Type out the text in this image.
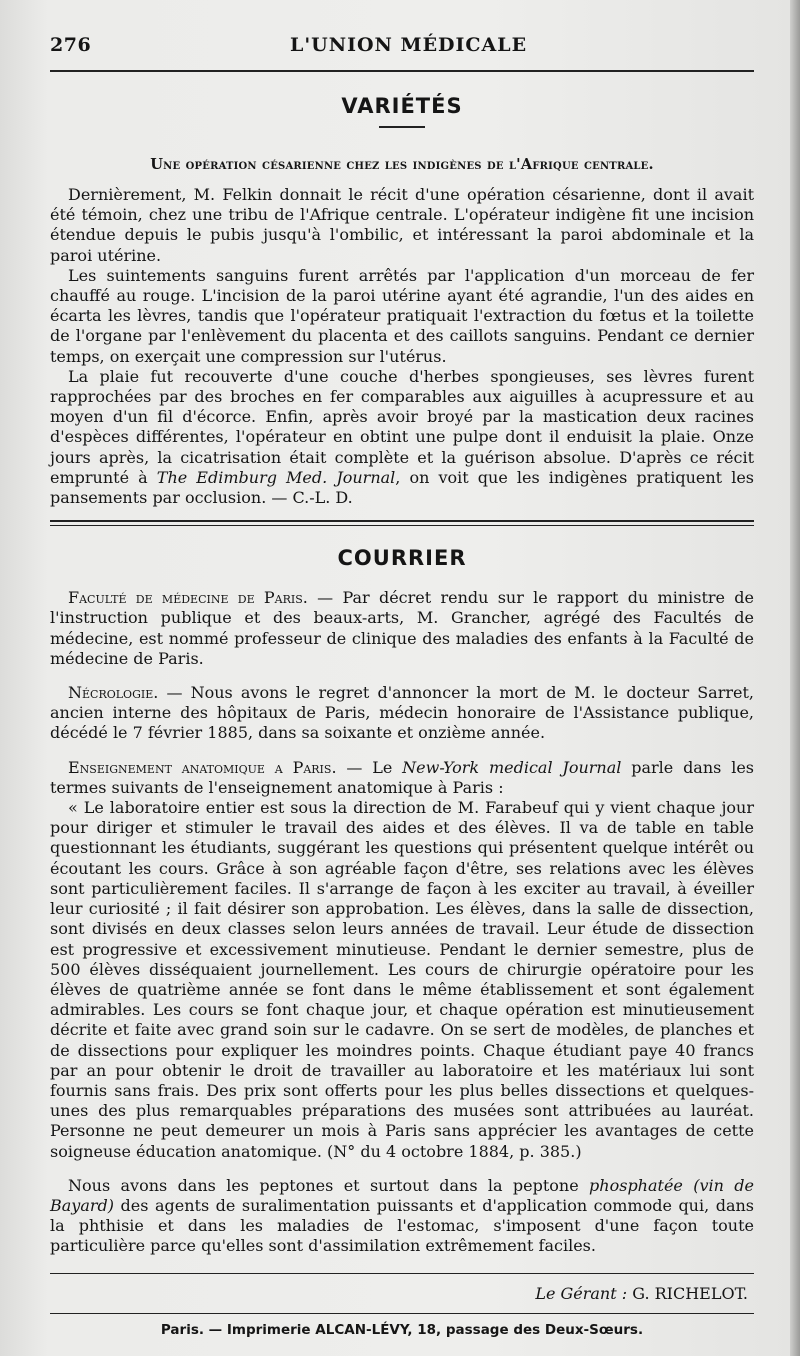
276	L'UNION MÉDICALE
VARIÉTÉS
Une opération césarienne chez les indigènes de l'Afrique centrale.

Dernièrement, M. Felkin donnait le récit d'une opération césarienne, dont il avait été témoin, chez une tribu de l'Afrique centrale. L'opérateur indigène fit une incision étendue depuis le pubis jusqu'à l'ombilic, et intéressant la paroi abdominale et la paroi utérine.

Les suintements sanguins furent arrêtés par l'application d'un morceau de fer chauffé au rouge. L'incision de la paroi utérine ayant été agrandie, l'un des aides en écarta les lèvres, tandis que l'opérateur pratiquait l'extraction du fœtus et la toilette de l'organe par l'enlèvement du placenta et des caillots sanguins. Pendant ce dernier temps, on exerçait une compression sur l'utérus.

La plaie fut recouverte d'une couche d'herbes spongieuses, ses lèvres furent rapprochées par des broches en fer comparables aux aiguilles à acupressure et au moyen d'un fil d'écorce. Enfin, après avoir broyé par la mastication deux racines d'espèces différentes, l'opérateur en obtint une pulpe dont il enduisit la plaie. Onze jours après, la cicatrisation était complète et la guérison absolue. D'après ce récit emprunté à The Edimburg Med. Journal, on voit que les indigènes pratiquent les pansements par occlusion. — C.-L. D.

COURRIER

Faculté de médecine de Paris. — Par décret rendu sur le rapport du ministre de l'instruction publique et des beaux-arts, M. Grancher, agrégé des Facultés de médecine, est nommé professeur de clinique des maladies des enfants à la Faculté de médecine de Paris.

Nécrologie. — Nous avons le regret d'annoncer la mort de M. le docteur Sarret, ancien interne des hôpitaux de Paris, médecin honoraire de l'Assistance publique, décédé le 7 février 1885, dans sa soixante et onzième année.

Enseignement anatomique a Paris. — Le New-York medical Journal parle dans les termes suivants de l'enseignement anatomique à Paris :

« Le laboratoire entier est sous la direction de M. Farabeuf qui y vient chaque jour pour diriger et stimuler le travail des aides et des élèves. Il va de table en table questionnant les étudiants, suggérant les questions qui présentent quelque intérêt ou écoutant les cours. Grâce à son agréable façon d'être, ses relations avec les élèves sont particulièrement faciles. Il s'arrange de façon à les exciter au travail, à éveiller leur curiosité ; il fait désirer son approbation. Les élèves, dans la salle de dissection, sont divisés en deux classes selon leurs années de travail. Leur étude de dissection est progressive et excessivement minutieuse. Pendant le dernier semestre, plus de 500 élèves disséquaient journellement. Les cours de chirurgie opératoire pour les élèves de quatrième année se font dans le même établissement et sont également admirables. Les cours se font chaque jour, et chaque opération est minutieusement décrite et faite avec grand soin sur le cadavre. On se sert de modèles, de planches et de dissections pour expliquer les moindres points. Chaque étudiant paye 40 francs par an pour obtenir le droit de travailler au laboratoire et les matériaux lui sont fournis sans frais. Des prix sont offerts pour les plus belles dissections et quelques-unes des plus remarquables préparations des musées sont attribuées au lauréat. Personne ne peut demeurer un mois à Paris sans apprécier les avantages de cette soigneuse éducation anatomique. (N° du 4 octobre 1884, p. 385.)

Nous avons dans les peptones et surtout dans la peptone phosphatée (vin de Bayard) des agents de suralimentation puissants et d'application commode qui, dans la phthisie et dans les maladies de l'estomac, s'imposent d'une façon toute particulière parce qu'elles sont d'assimilation extrêmement faciles.

Le Gérant : G. RICHELOT.
Paris. — Imprimerie ALCAN-LÉVY, 18, passage des Deux-Sœurs.
